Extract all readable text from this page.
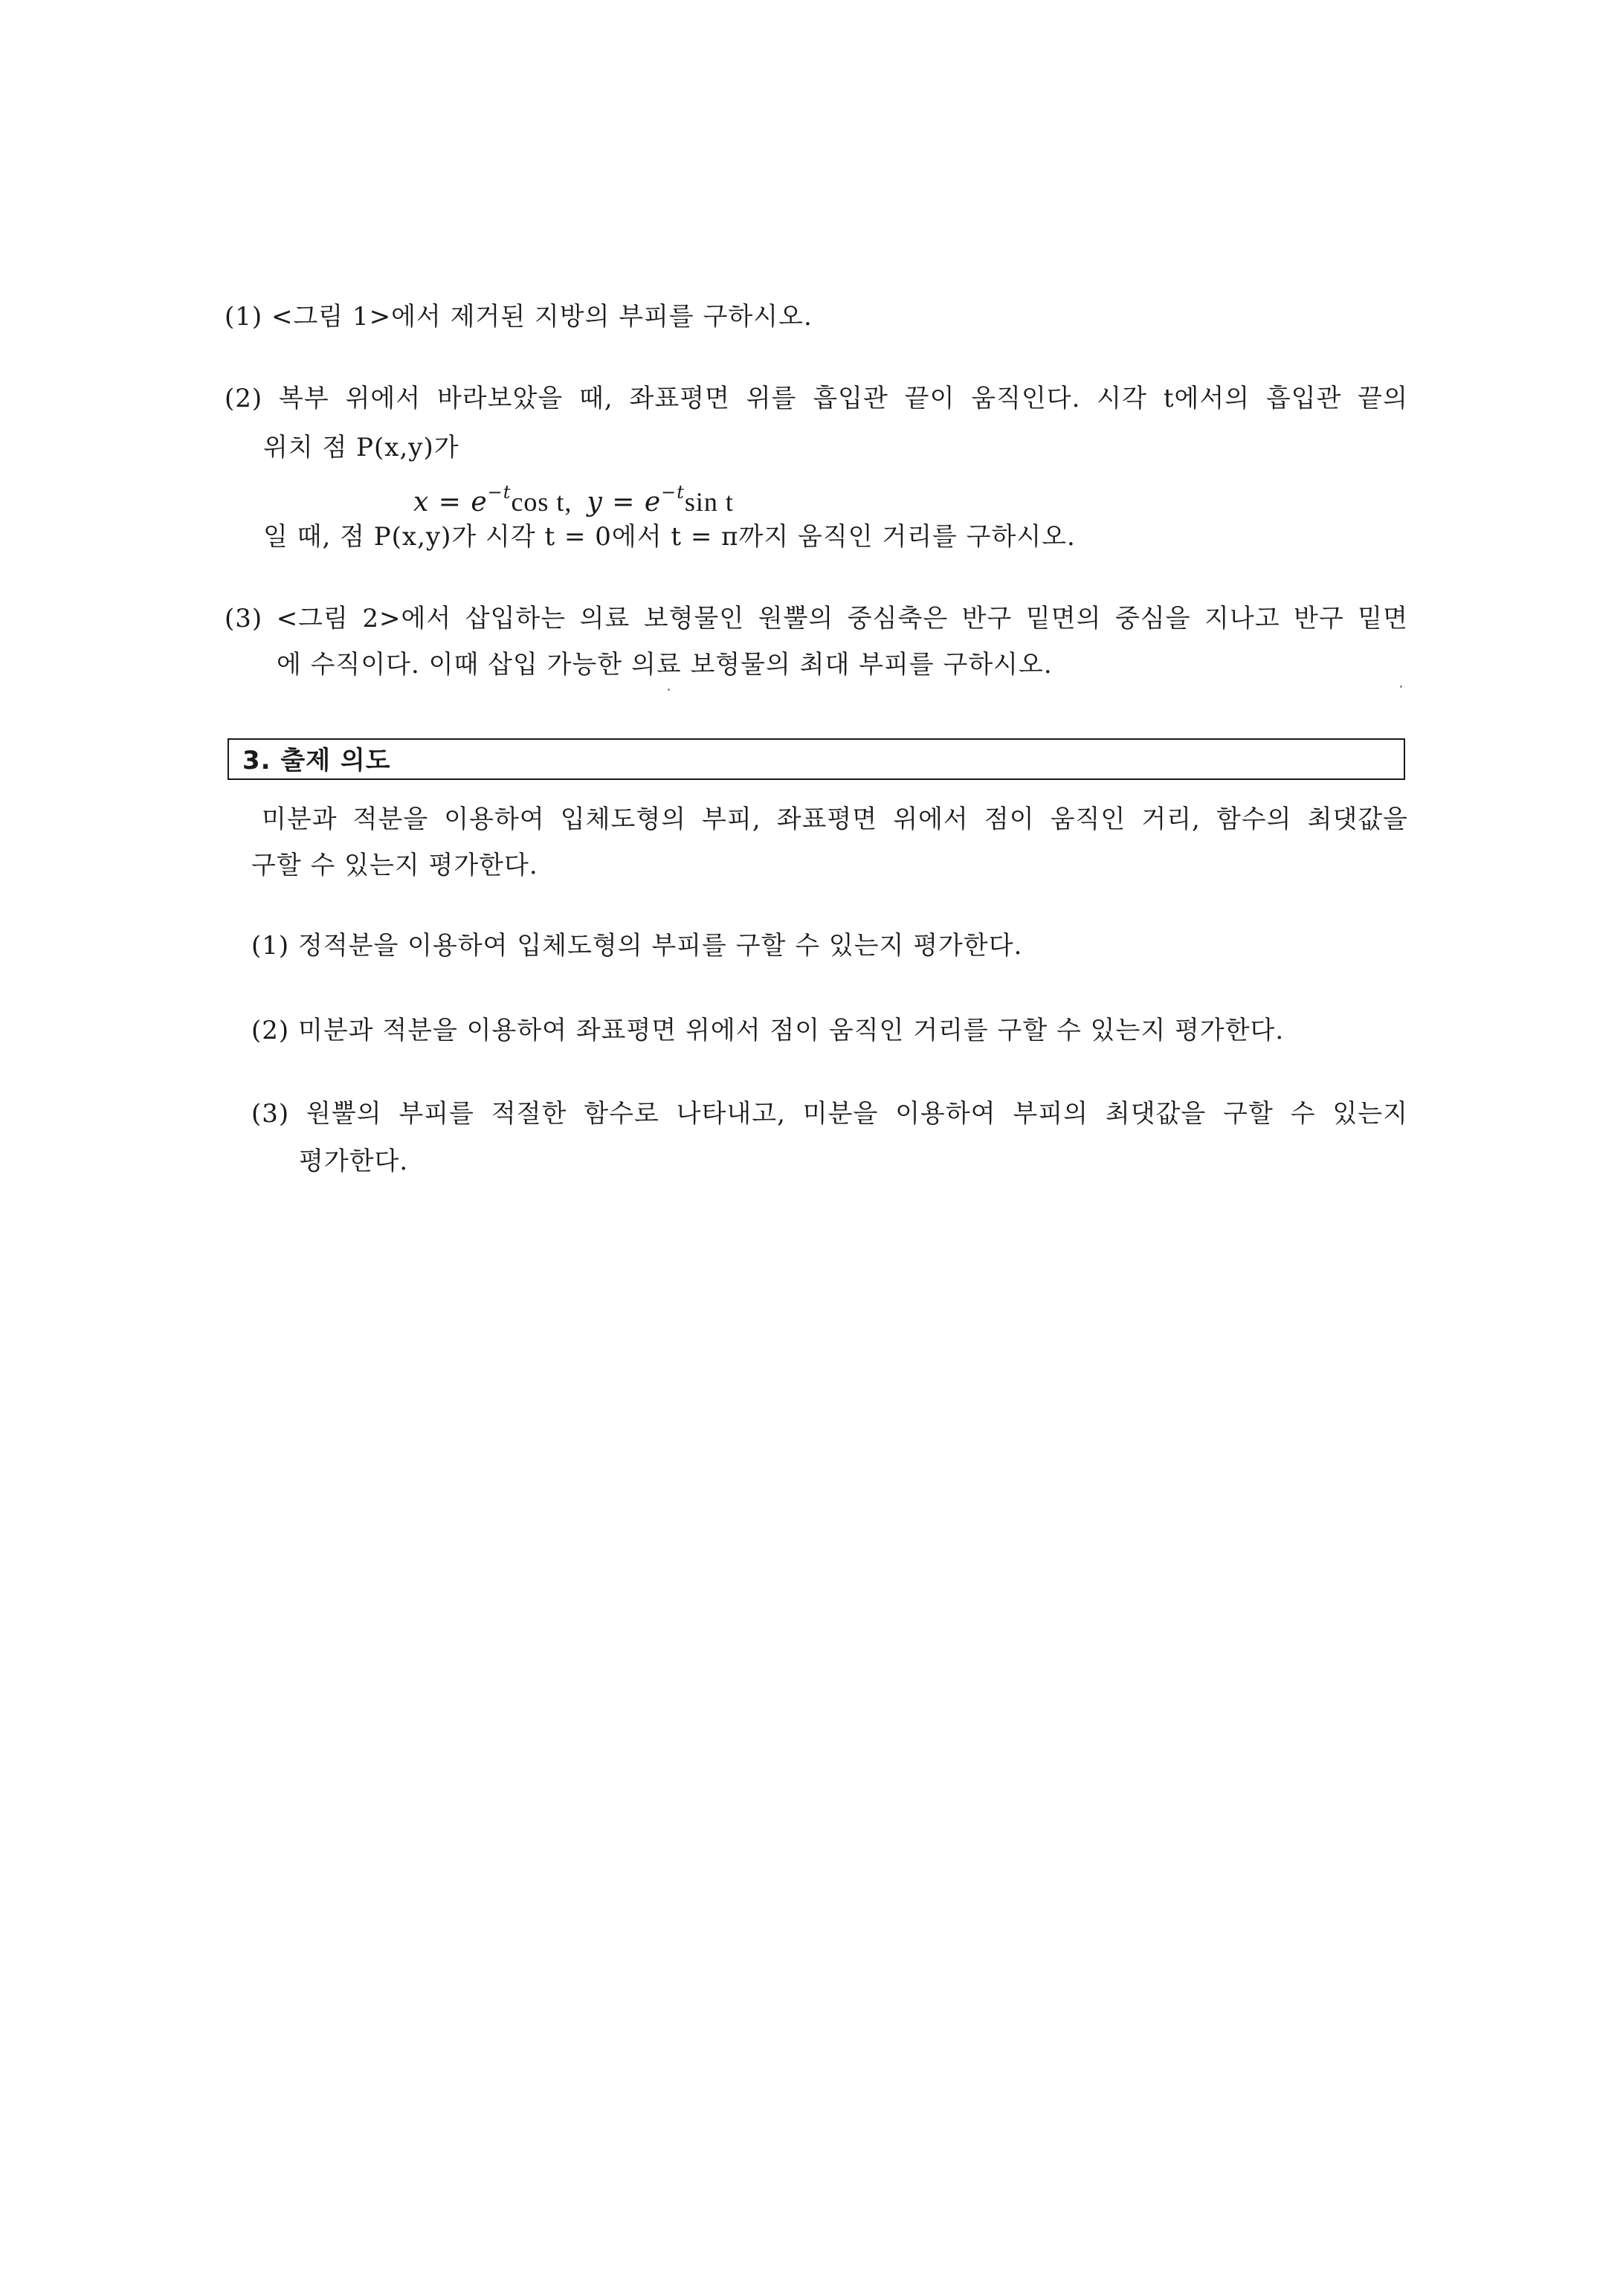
(1) <그림 1>에서 제거된 지방의 부피를 구하시오.
(2) 복부 위에서 바라보았을 때, 좌표평면 위를 흡입관 끝이 움직인다. 시각 t에서의 흡입관 끝의
위치 점 P(x,y)가
$x = e^{-t}\cos$ t, $y = e^{-t}\sin$ t
일 때, 점 P(x,y)가 시각 t = 0에서 t = π까지 움직인 거리를 구하시오.
(3) <그림 2>에서 삽입하는 의료 보형물인 원뿔의 중심축은 반구 밑면의 중심을 지나고 반구 밑면
에 수직이다. 이때 삽입 가능한 의료 보형물의 최대 부피를 구하시오.
3. 출제 의도
미분과 적분을 이용하여 입체도형의 부피, 좌표평면 위에서 점이 움직인 거리, 함수의 최댓값을
구할 수 있는지 평가한다.
(1) 정적분을 이용하여 입체도형의 부피를 구할 수 있는지 평가한다.
(2) 미분과 적분을 이용하여 좌표평면 위에서 점이 움직인 거리를 구할 수 있는지 평가한다.
(3) 원뿔의 부피를 적절한 함수로 나타내고, 미분을 이용하여 부피의 최댓값을 구할 수 있는지
평가한다.
